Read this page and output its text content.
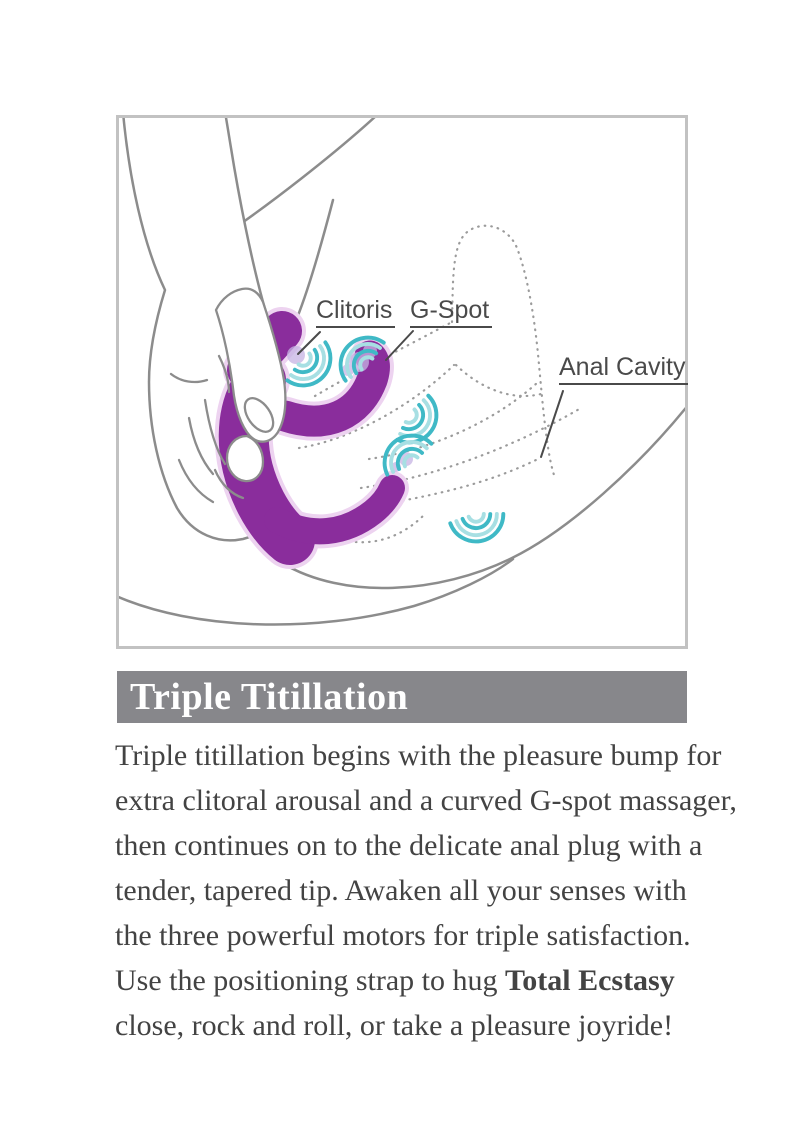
Clitoris G-Spot
Anal Cavity
Triple Titillation
Triple titillation begins with the pleasure bump for
extra clitoral arousal and a curved G-spot massager,
then continues on to the delicate anal plug with a
tender, tapered tip. Awaken all your senses with
the three powerful motors for triple satisfaction.
Use the positioning strap to hug Total Ecstasy
close, rock and roll, or take a pleasure joyride!
